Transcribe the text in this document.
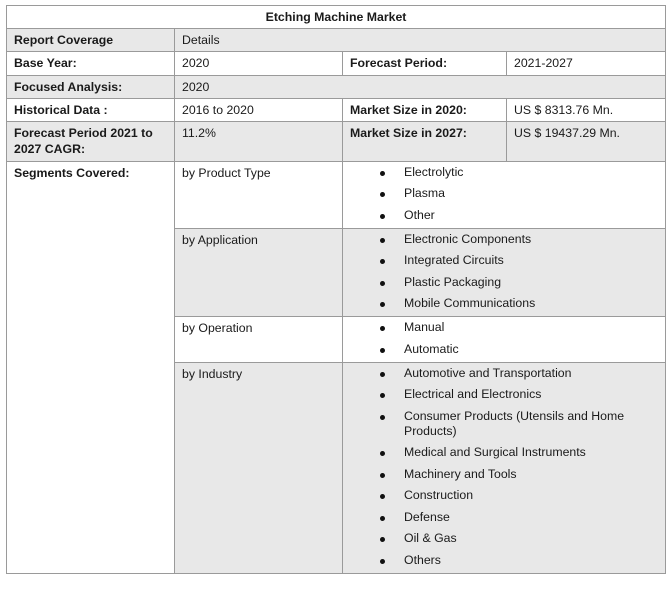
Etching Machine Market			
Report Coverage	Details		
Base Year:	2020	Forecast Period:	2021-2027
Focused Analysis:	2020		
Historical Data :	2016 to 2020	Market Size in 2020:	US $ 8313.76 Mn.
Forecast Period 2021 to 2027 CAGR:	11.2%	Market Size in 2027:	US $ 19437.29 Mn.
Segments Covered:	by Product Type	Electrolytic
Plasma
Other

by Application	Electronic Components
Integrated Circuits
Plastic Packaging
Mobile Communications

by Operation	Manual
Automatic

by Industry	Automotive and Transportation
Electrical and Electronics
Consumer Products (Utensils and Home Products)
Medical and Surgical Instruments
Machinery and Tools
Construction
Defense
Oil & Gas
Others
